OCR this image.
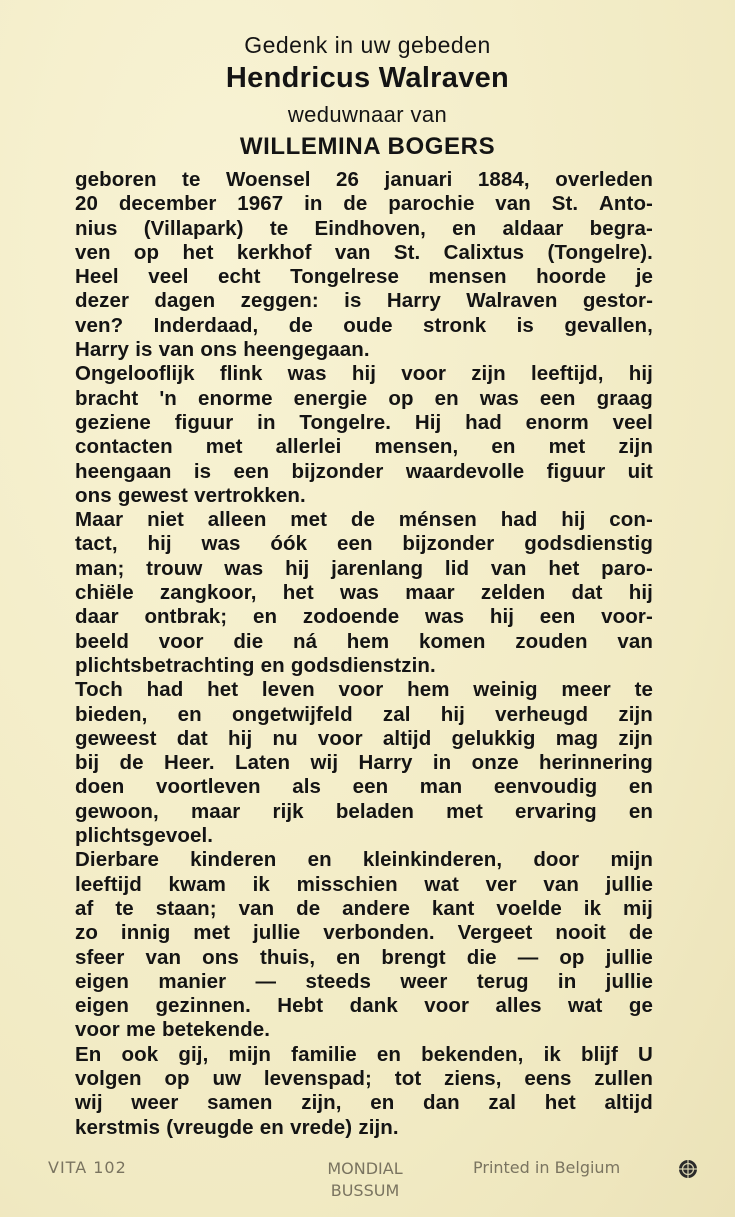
Gedenk in uw gebeden
Hendricus Walraven
weduwnaar van
WILLEMINA BOGERS
geboren te Woensel 26 januari 1884, overleden
20 december 1967 in de parochie van St. Anto-
nius (Villapark) te Eindhoven, en aldaar begra-
ven op het kerkhof van St. Calixtus (Tongelre).
Heel veel echt Tongelrese mensen hoorde je
dezer dagen zeggen: is Harry Walraven gestor-
ven? Inderdaad, de oude stronk is gevallen,
Harry is van ons heengegaan.
Ongelooflijk flink was hij voor zijn leeftijd, hij
bracht 'n enorme energie op en was een graag
geziene figuur in Tongelre. Hij had enorm veel
contacten met allerlei mensen, en met zijn
heengaan is een bijzonder waardevolle figuur uit
ons gewest vertrokken.
Maar niet alleen met de ménsen had hij con-
tact, hij was óók een bijzonder godsdienstig
man; trouw was hij jarenlang lid van het paro-
chiële zangkoor, het was maar zelden dat hij
daar ontbrak; en zodoende was hij een voor-
beeld voor die ná hem komen zouden van
plichtsbetrachting en godsdienstzin.
Toch had het leven voor hem weinig meer te
bieden, en ongetwijfeld zal hij verheugd zijn
geweest dat hij nu voor altijd gelukkig mag zijn
bij de Heer. Laten wij Harry in onze herinnering
doen voortleven als een man eenvoudig en
gewoon, maar rijk beladen met ervaring en
plichtsgevoel.
Dierbare kinderen en kleinkinderen, door mijn
leeftijd kwam ik misschien wat ver van jullie
af te staan; van de andere kant voelde ik mij
zo innig met jullie verbonden. Vergeet nooit de
sfeer van ons thuis, en brengt die — op jullie
eigen manier — steeds weer terug in jullie
eigen gezinnen. Hebt dank voor alles wat ge
voor me betekende.
En ook gij, mijn familie en bekenden, ik blijf U
volgen op uw levenspad; tot ziens, eens zullen
wij weer samen zijn, en dan zal het altijd
kerstmis (vreugde en vrede) zijn.
VITA 102	MONDIAL
BUSSUM
Printed in Belgium
